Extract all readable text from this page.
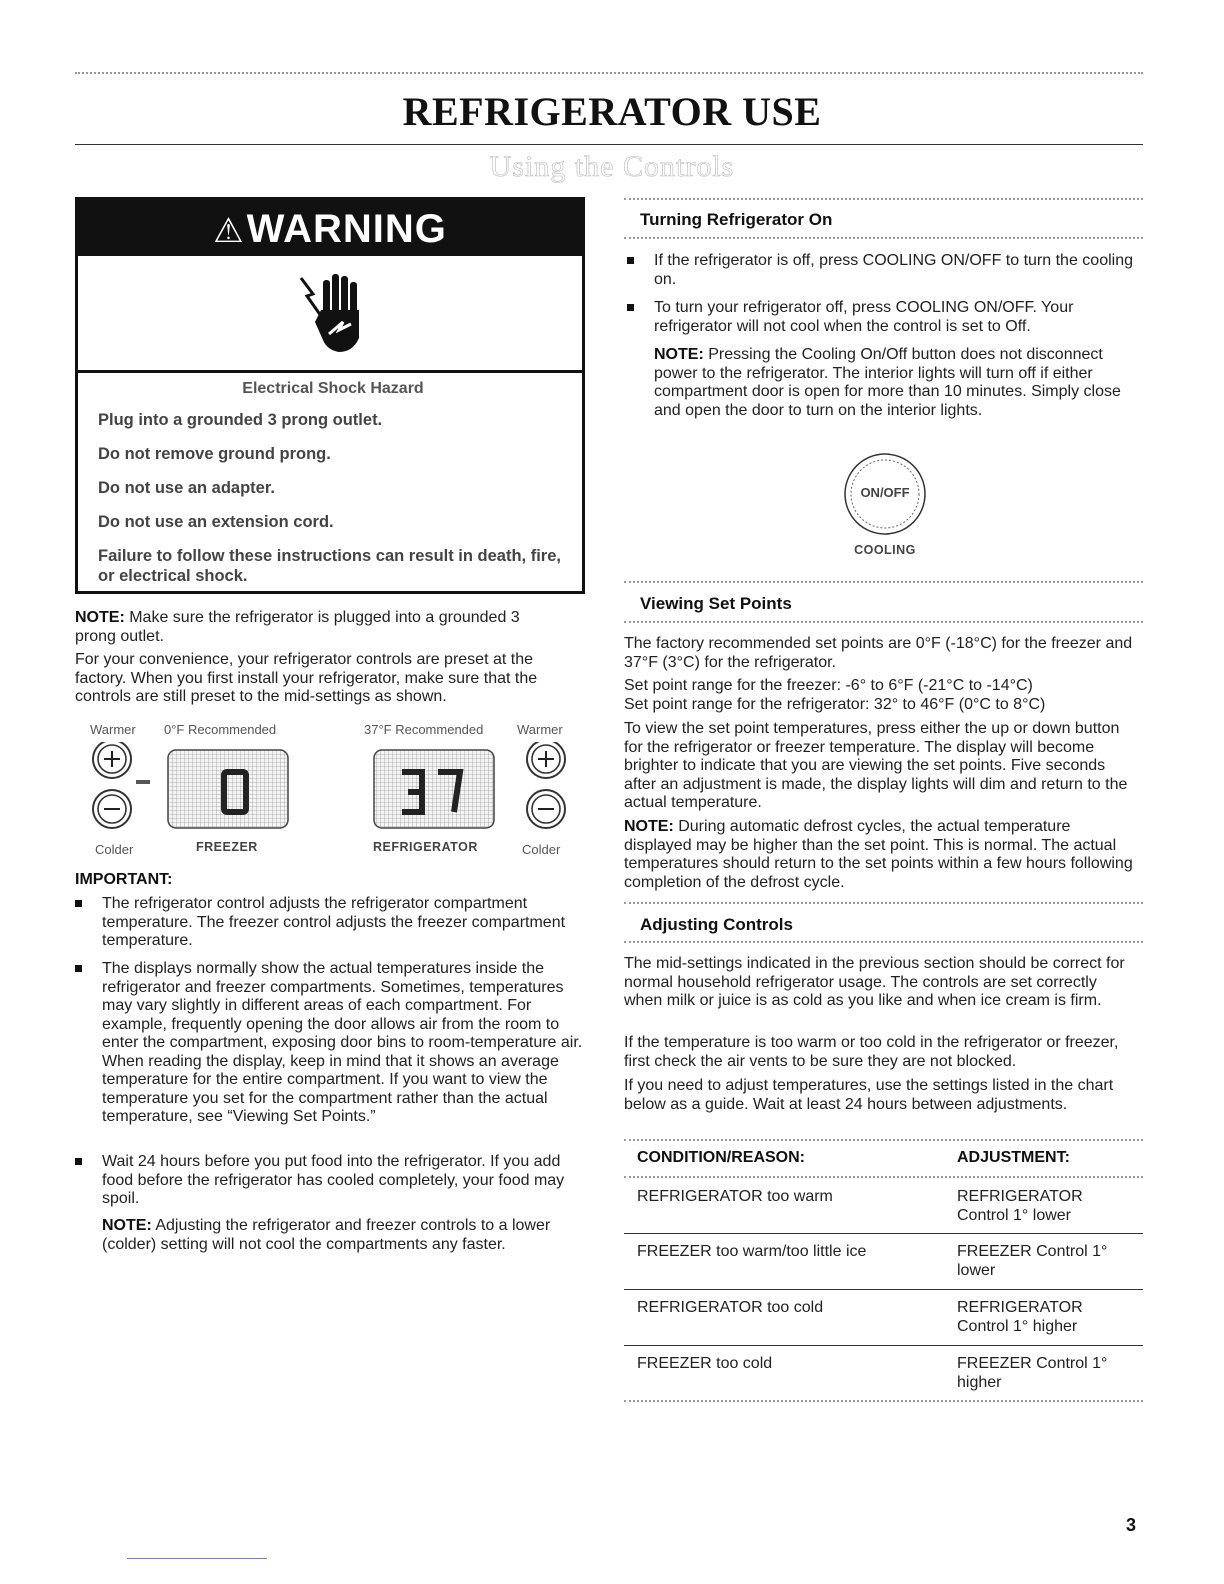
REFRIGERATOR USE
Using the Controls
⚠WARNING
Electrical Shock Hazard
Plug into a grounded 3 prong outlet.
Do not remove ground prong.
Do not use an adapter.
Do not use an extension cord.
Failure to follow these instructions can result in death, fire, or electrical shock.
NOTE: Make sure the refrigerator is plugged into a grounded 3 prong outlet.
For your convenience, your refrigerator controls are preset at the factory. When you first install your refrigerator, make sure that the controls are still preset to the mid-settings as shown.
Warmer 0°F Recommended	37°F Recommended	Warmer
Colder	FREEZER	REFRIGERATOR	Colder
IMPORTANT:
The refrigerator control adjusts the refrigerator compartment temperature. The freezer control adjusts the freezer compartment temperature.
The displays normally show the actual temperatures inside the refrigerator and freezer compartments. Sometimes, temperatures may vary slightly in different areas of each compartment. For example, frequently opening the door allows air from the room to enter the compartment, exposing door bins to room-temperature air. When reading the display, keep in mind that it shows an average temperature for the entire compartment. If you want to view the temperature you set for the compartment rather than the actual temperature, see “Viewing Set Points.”
Wait 24 hours before you put food into the refrigerator. If you add food before the refrigerator has cooled completely, your food may spoil.
NOTE: Adjusting the refrigerator and freezer controls to a lower (colder) setting will not cool the compartments any faster.
Turning Refrigerator On
If the refrigerator is off, press COOLING ON/OFF to turn the cooling on.
To turn your refrigerator off, press COOLING ON/OFF. Your refrigerator will not cool when the control is set to Off.
NOTE: Pressing the Cooling On/Off button does not disconnect power to the refrigerator. The interior lights will turn off if either compartment door is open for more than 10 minutes. Simply close and open the door to turn on the interior lights.
ON/OFF
COOLING
Viewing Set Points
The factory recommended set points are 0°F (-18°C) for the freezer and 37°F (3°C) for the refrigerator.
Set point range for the freezer: -6° to 6°F (-21°C to -14°C)
Set point range for the refrigerator: 32° to 46°F (0°C to 8°C)
To view the set point temperatures, press either the up or down button for the refrigerator or freezer temperature. The display will become brighter to indicate that you are viewing the set points. Five seconds after an adjustment is made, the display lights will dim and return to the actual temperature.
NOTE: During automatic defrost cycles, the actual temperature displayed may be higher than the set point. This is normal. The actual temperatures should return to the set points within a few hours following completion of the defrost cycle.
Adjusting Controls
The mid-settings indicated in the previous section should be correct for normal household refrigerator usage. The controls are set correctly when milk or juice is as cold as you like and when ice cream is firm.
If the temperature is too warm or too cold in the refrigerator or freezer, first check the air vents to be sure they are not blocked.
If you need to adjust temperatures, use the settings listed in the chart below as a guide. Wait at least 24 hours between adjustments.
CONDITION/REASON:	ADJUSTMENT:
REFRIGERATOR too warm	REFRIGERATOR Control 1° lower
FREEZER too warm/too little ice	FREEZER Control 1° lower
REFRIGERATOR too cold	REFRIGERATOR Control 1° higher
FREEZER too cold	FREEZER Control 1° higher
3
